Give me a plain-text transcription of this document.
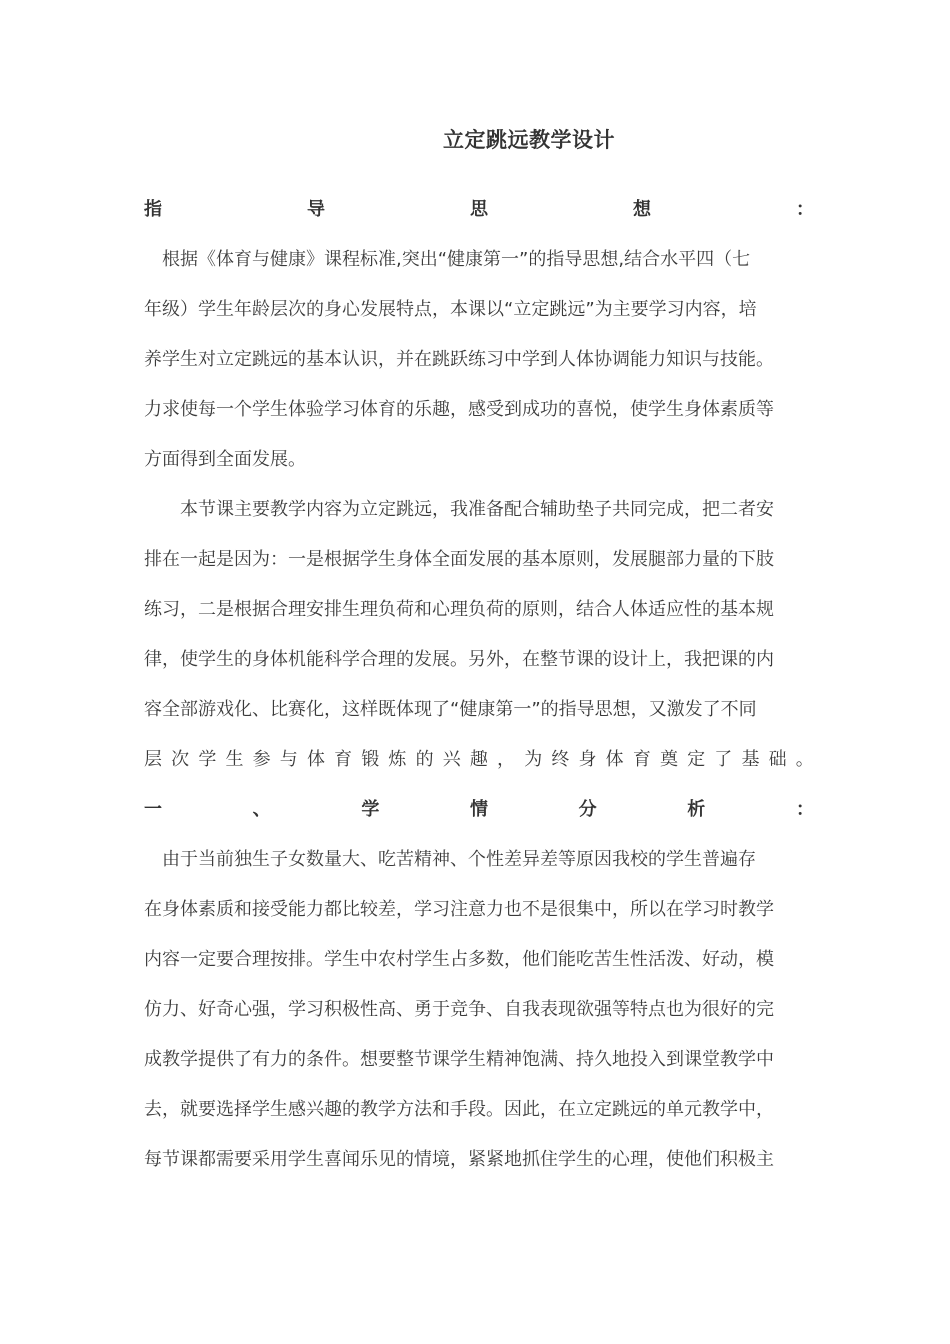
立定跳远教学设计
指	导	思	想	：
　根据《体育与健康》课程标准,突出“健康第一”的指导思想,结合水平四（七
年级）学生年龄层次的身心发展特点，本课以“立定跳远”为主要学习内容，培
养学生对立定跳远的基本认识，并在跳跃练习中学到人体协调能力知识与技能。
力求使每一个学生体验学习体育的乐趣，感受到成功的喜悦，使学生身体素质等
方面得到全面发展。
　　本节课主要教学内容为立定跳远，我准备配合辅助垫子共同完成，把二者安
排在一起是因为：一是根据学生身体全面发展的基本原则，发展腿部力量的下肢
练习，二是根据合理安排生理负荷和心理负荷的原则，结合人体适应性的基本规
律，使学生的身体机能科学合理的发展。另外，在整节课的设计上，我把课的内
容全部游戏化、比赛化，这样既体现了“健康第一”的指导思想，又激发了不同
层 次 学 生 参 与 体 育 锻 炼 的 兴 趣 ， 为 终 身 体 育 奠 定 了 基 础 。
一	、	学	情	分	析	：
　由于当前独生子女数量大、吃苦精神、个性差异差等原因我校的学生普遍存
在身体素质和接受能力都比较差，学习注意力也不是很集中，所以在学习时教学
内容一定要合理按排。学生中农村学生占多数，他们能吃苦生性活泼、好动，模
仿力、好奇心强，学习积极性高、勇于竞争、自我表现欲强等特点也为很好的完
成教学提供了有力的条件。想要整节课学生精神饱满、持久地投入到课堂教学中
去，就要选择学生感兴趣的教学方法和手段。因此，在立定跳远的单元教学中，
每节课都需要采用学生喜闻乐见的情境，紧紧地抓住学生的心理，使他们积极主
